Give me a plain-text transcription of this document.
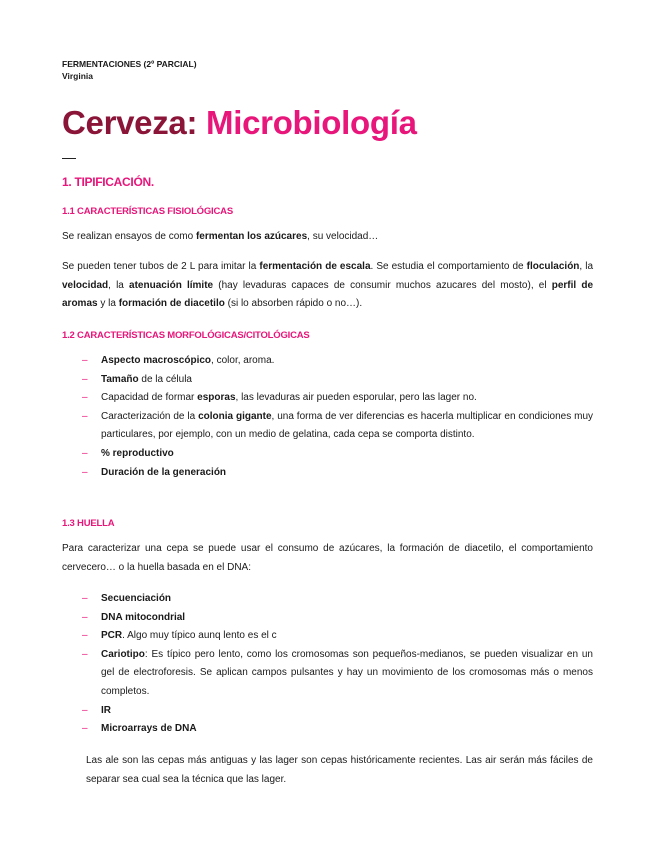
FERMENTACIONES (2º PARCIAL)
Virginia
Cerveza: Microbiología
1. TIPIFICACIÓN.
1.1 CARACTERÍSTICAS FISIOLÓGICAS

Se realizan ensayos de como fermentan los azúcares, su velocidad…

Se pueden tener tubos de 2 L para imitar la fermentación de escala. Se estudia el comportamiento de floculación, la velocidad, la atenuación límite (hay levaduras capaces de consumir muchos azucares del mosto), el perfil de aromas y la formación de diacetilo (si lo absorben rápido o no…).

1.2 CARACTERÍSTICAS MORFOLÓGICAS/CITOLÓGICAS
– Aspecto macroscópico, color, aroma.
– Tamaño de la célula
– Capacidad de formar esporas, las levaduras air pueden esporular, pero las lager no.
– Caracterización de la colonia gigante, una forma de ver diferencias es hacerla multiplicar en condiciones muy particulares, por ejemplo, con un medio de gelatina, cada cepa se comporta distinto.
– % reproductivo
– Duración de la generación
1.3 HUELLA

Para caracterizar una cepa se puede usar el consumo de azúcares, la formación de diacetilo, el comportamiento cervecero… o la huella basada en el DNA:

– Secuenciación
– DNA mitocondrial
– PCR. Algo muy típico aunq lento es el c
– Cariotipo: Es típico pero lento, como los cromosomas son pequeños-medianos, se pueden visualizar en un gel de electroforesis. Se aplican campos pulsantes y hay un movimiento de los cromosomas más o menos completos.
– IR
– Microarrays de DNA

Las ale son las cepas más antiguas y las lager son cepas históricamente recientes. Las air serán más fáciles de separar sea cual sea la técnica que las lager.
